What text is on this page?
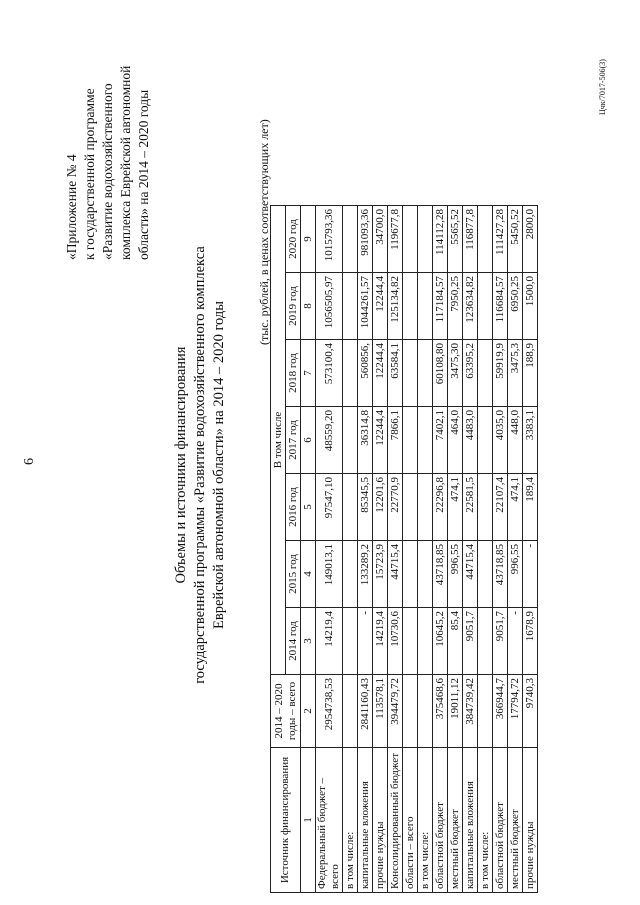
6
«Приложение № 4 к государственной программе «Развитие водохозяйственного комплекса Еврейской автономной области» на 2014 – 2020 годы
Объемы и источники финансирования государственной программы «Развитие водохозяйственного комплекса Еврейской автономной области» на 2014 – 2020 годы
(тыс. рублей, в ценах соответствующих лет)
Источник финансирования	2014 – 2020 годы – всего	В том числе						
		2014 год	2015 год	2016 год	2017 год	2018 год	2019 год	2020 год
1	2	3	4	5	6	7	8	9
Федеральный бюджет – всего	2954738,53	14219,4	149013,1	97547,10	48559,20	573100,4	1056505,97	1015793,36
в том числе:								
капитальные вложения	2841160,43	-	133289,2	85345,5	36314,8	560856,	1044261,57	981093,36
прочие нужды	113578,1	14219,4	15723,9	12201,6	12244,4	12244,4	12244,4	34700,0
Консолидированный бюджет	394479,72	10730,6	44715,4	22770,9	7866,1	63584,1	125134,82	119677,8
области – всего								
в том числе:								
областной бюджет	375468,6	10645,2	43718,85	22296,8	7402,1	60108,80	117184,57	114112,28
местный бюджет	19011,12	85,4	996,55	474,1	464,0	3475,30	7950,25	5565,52
капитальные вложения	384739,42	9051,7	44715,4	22581,5	4483,0	63395,2	123634,82	116877,8
в том числе:								
областной бюджет	366944,7	9051,7	43718,85	22107,4	4035,0	59919,9	116684,57	111427,28
местный бюджет	17794,72	-	996,55	474,1	448,0	3475,3	6950,25	5450,52
прочие нужды	9740,3	1678,9	-	189,4	3383,1	188,9	1500,0	2800,0
Цчк/7017-506(3)
